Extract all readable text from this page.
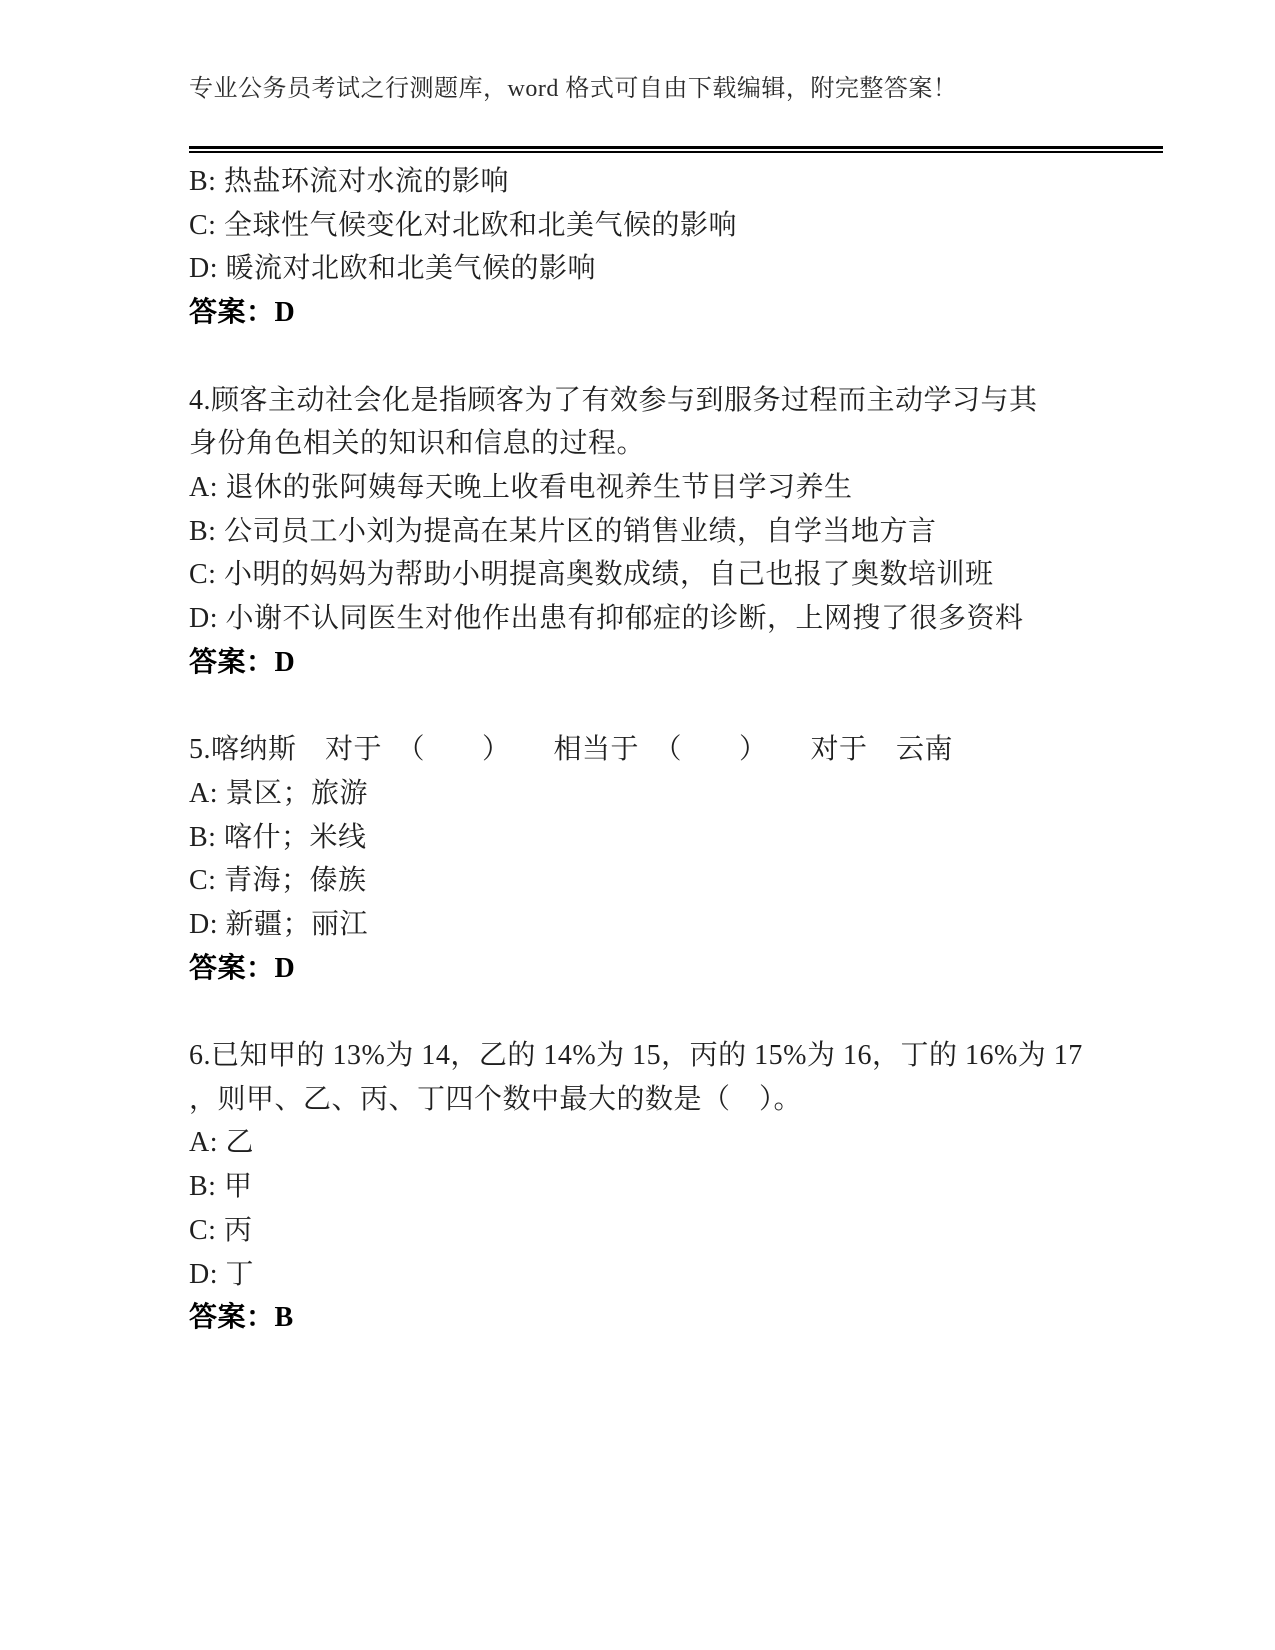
专业公务员考试之行测题库，word 格式可自由下载编辑，附完整答案！
B: 热盐环流对水流的影响
C: 全球性气候变化对北欧和北美气候的影响
D: 暖流对北欧和北美气候的影响
答案：D
4.顾客主动社会化是指顾客为了有效参与到服务过程而主动学习与其
身份角色相关的知识和信息的过程。
A: 退休的张阿姨每天晚上收看电视养生节目学习养生
B: 公司员工小刘为提高在某片区的销售业绩，自学当地方言
C: 小明的妈妈为帮助小明提高奥数成绩，自己也报了奥数培训班
D: 小谢不认同医生对他作出患有抑郁症的诊断，上网搜了很多资料
答案：D
5.喀纳斯　对于　（　　）　　相当于　（　　）　　对于　云南
A: 景区；旅游
B: 喀什；米线
C: 青海；傣族
D: 新疆；丽江
答案：D
6.已知甲的 13%为 14，乙的 14%为 15，丙的 15%为 16，丁的 16%为 17
，则甲、乙、丙、丁四个数中最大的数是（　）。
A: 乙
B: 甲
C: 丙
D: 丁
答案：B
